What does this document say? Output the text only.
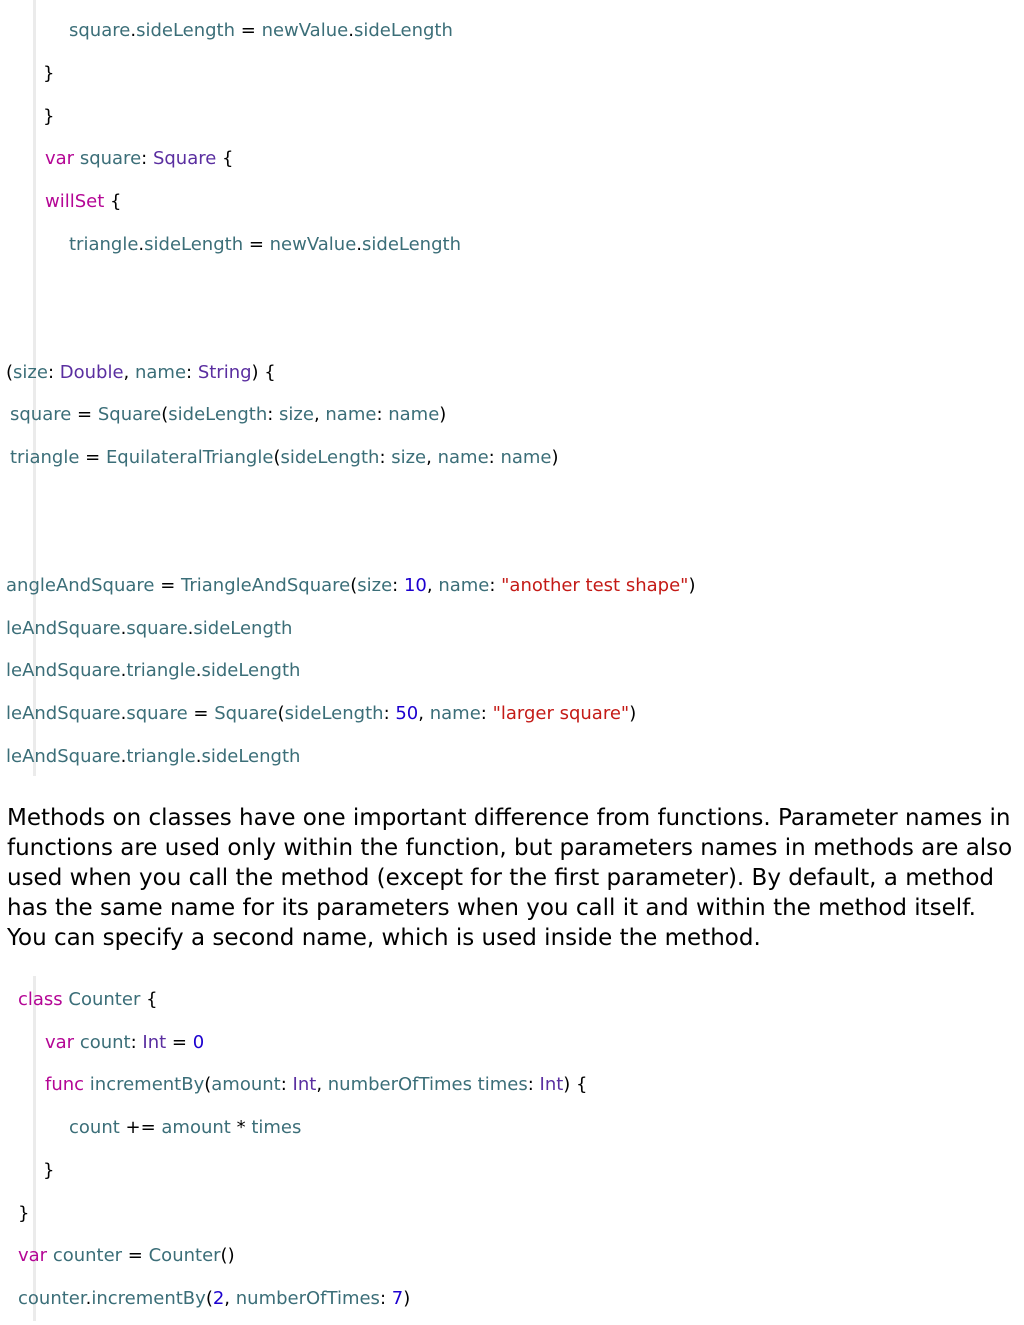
square.sideLength = newValue.sideLength
}
}
var square: Square {
willSet {
triangle.sideLength = newValue.sideLength
(size: Double, name: String) {
square = Square(sideLength: size, name: name)
triangle = EquilateralTriangle(sideLength: size, name: name)
angleAndSquare = TriangleAndSquare(size: 10, name: "another test shape")
leAndSquare.square.sideLength
leAndSquare.triangle.sideLength
leAndSquare.square = Square(sideLength: 50, name: "larger square")
leAndSquare.triangle.sideLength
Methods on classes have one important difference from functions. Parameter names in functions are used only within the function, but parameters names in methods are also used when you call the method (except for the first parameter). By default, a method has the same name for its parameters when you call it and within the method itself. You can specify a second name, which is used inside the method.
class Counter {
var count: Int = 0
func incrementBy(amount: Int, numberOfTimes times: Int) {
count += amount * times
}
}
var counter = Counter()
counter.incrementBy(2, numberOfTimes: 7)
